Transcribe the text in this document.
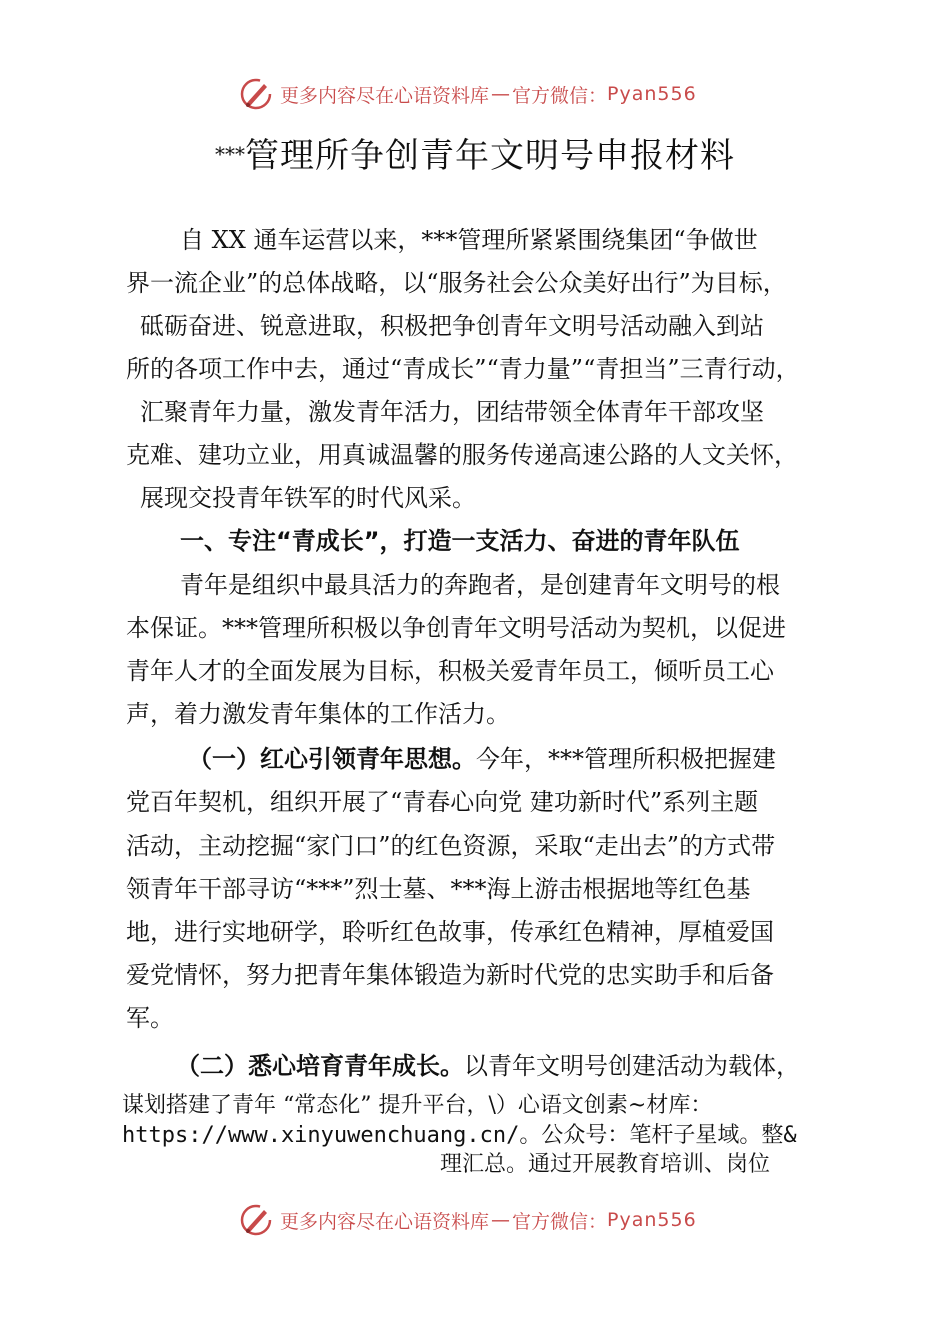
更多内容尽在心语资料库 — 官方微信： Pyan556
***管理所争创青年文明号申报材料
自 XX 通车运营以来，***管理所紧紧围绕集团“争做世
界一流企业”的总体战略，以“服务社会公众美好出行”为目标，
砥砺奋进、锐意进取，积极把争创青年文明号活动融入到站
所的各项工作中去，通过“青成长”“青力量”“青担当”三青行动，
汇聚青年力量，激发青年活力，团结带领全体青年干部攻坚
克难、建功立业，用真诚温馨的服务传递高速公路的人文关怀，
展现交投青年铁军的时代风采。
一、专注“青成长”，打造一支活力、奋进的青年队伍
青年是组织中最具活力的奔跑者，是创建青年文明号的根
本保证。***管理所积极以争创青年文明号活动为契机，以促进
青年人才的全面发展为目标，积极关爱青年员工，倾听员工心
声，着力激发青年集体的工作活力。
（一）红心引领青年思想。今年，***管理所积极把握建
党百年契机，组织开展了“青春心向党 建功新时代”系列主题
活动，主动挖掘“家门口”的红色资源，采取“走出去”的方式带
领青年干部寻访“***”烈士墓、***海上游击根据地等红色基
地，进行实地研学，聆听红色故事，传承红色精神，厚植爱国
爱党情怀，努力把青年集体锻造为新时代党的忠实助手和后备
军。
（二）悉心培育青年成长。以青年文明号创建活动为载体，
谋划搭建了青年 “常态化” 提升平台，\）心语文创素~材库：
https://www.xinyuwenchuang.cn/。公众号：笔杆子星域。整&
理汇总。通过开展教育培训、岗位
更多内容尽在心语资料库 — 官方微信： Pyan556
